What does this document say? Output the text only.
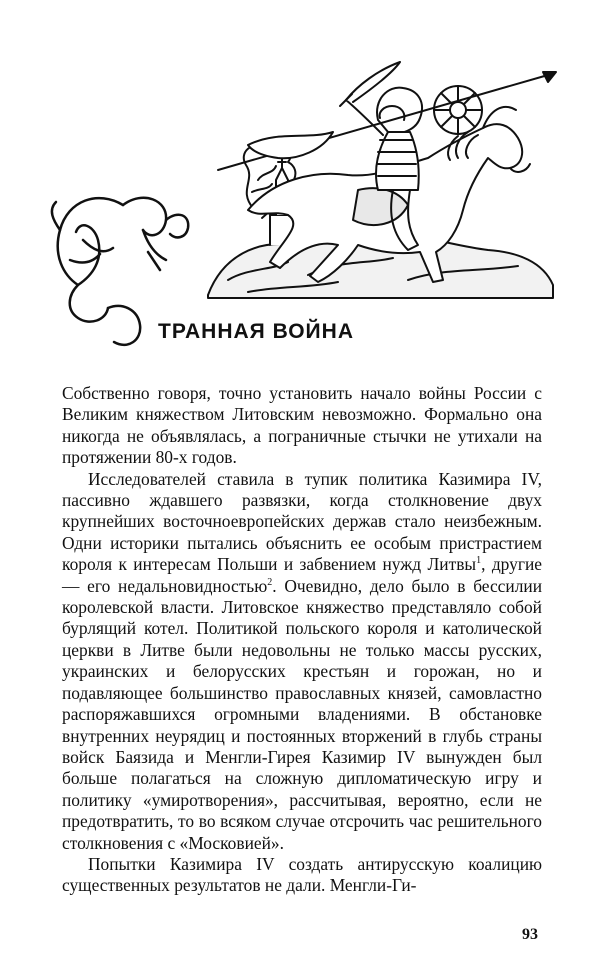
ТРАННАЯ ВОЙНА

Собственно говоря, точно установить начало войны России с Великим княжеством Литовским невозможно. Формально она никогда не объявлялась, а пограничные стычки не утихали на протяжении 80-х годов.

Исследователей ставила в тупик политика Казимира IV, пассивно ждавшего развязки, когда столкновение двух крупнейших восточноевропейских держав стало неизбежным. Одни историки пытались объяснить ее особым пристрастием короля к интересам Польши и забвением нужд Литвы$^1$, другие — его недальновидностью$^2$. Очевидно, дело было в бессилии королевской власти. Литовское княжество представляло собой бурлящий котел. Политикой польского короля и католической церкви в Литве были недовольны не только массы русских, украинских и белорусских крестьян и горожан, но и подавляющее большинство православных князей, самовластно распоряжавшихся огромными владениями. В обстановке внутренних неурядиц и постоянных вторжений в глубь страны войск Баязида и Менгли-Гирея Казимир IV вынужден был больше полагаться на сложную дипломатическую игру и политику «умиротворения», рассчитывая, вероятно, если не предотвратить, то во всяком случае отсрочить час решительного столкновения с «Московией».

Попытки Казимира IV создать антирусскую коалицию существенных результатов не дали. Менгли-Ги-

93
